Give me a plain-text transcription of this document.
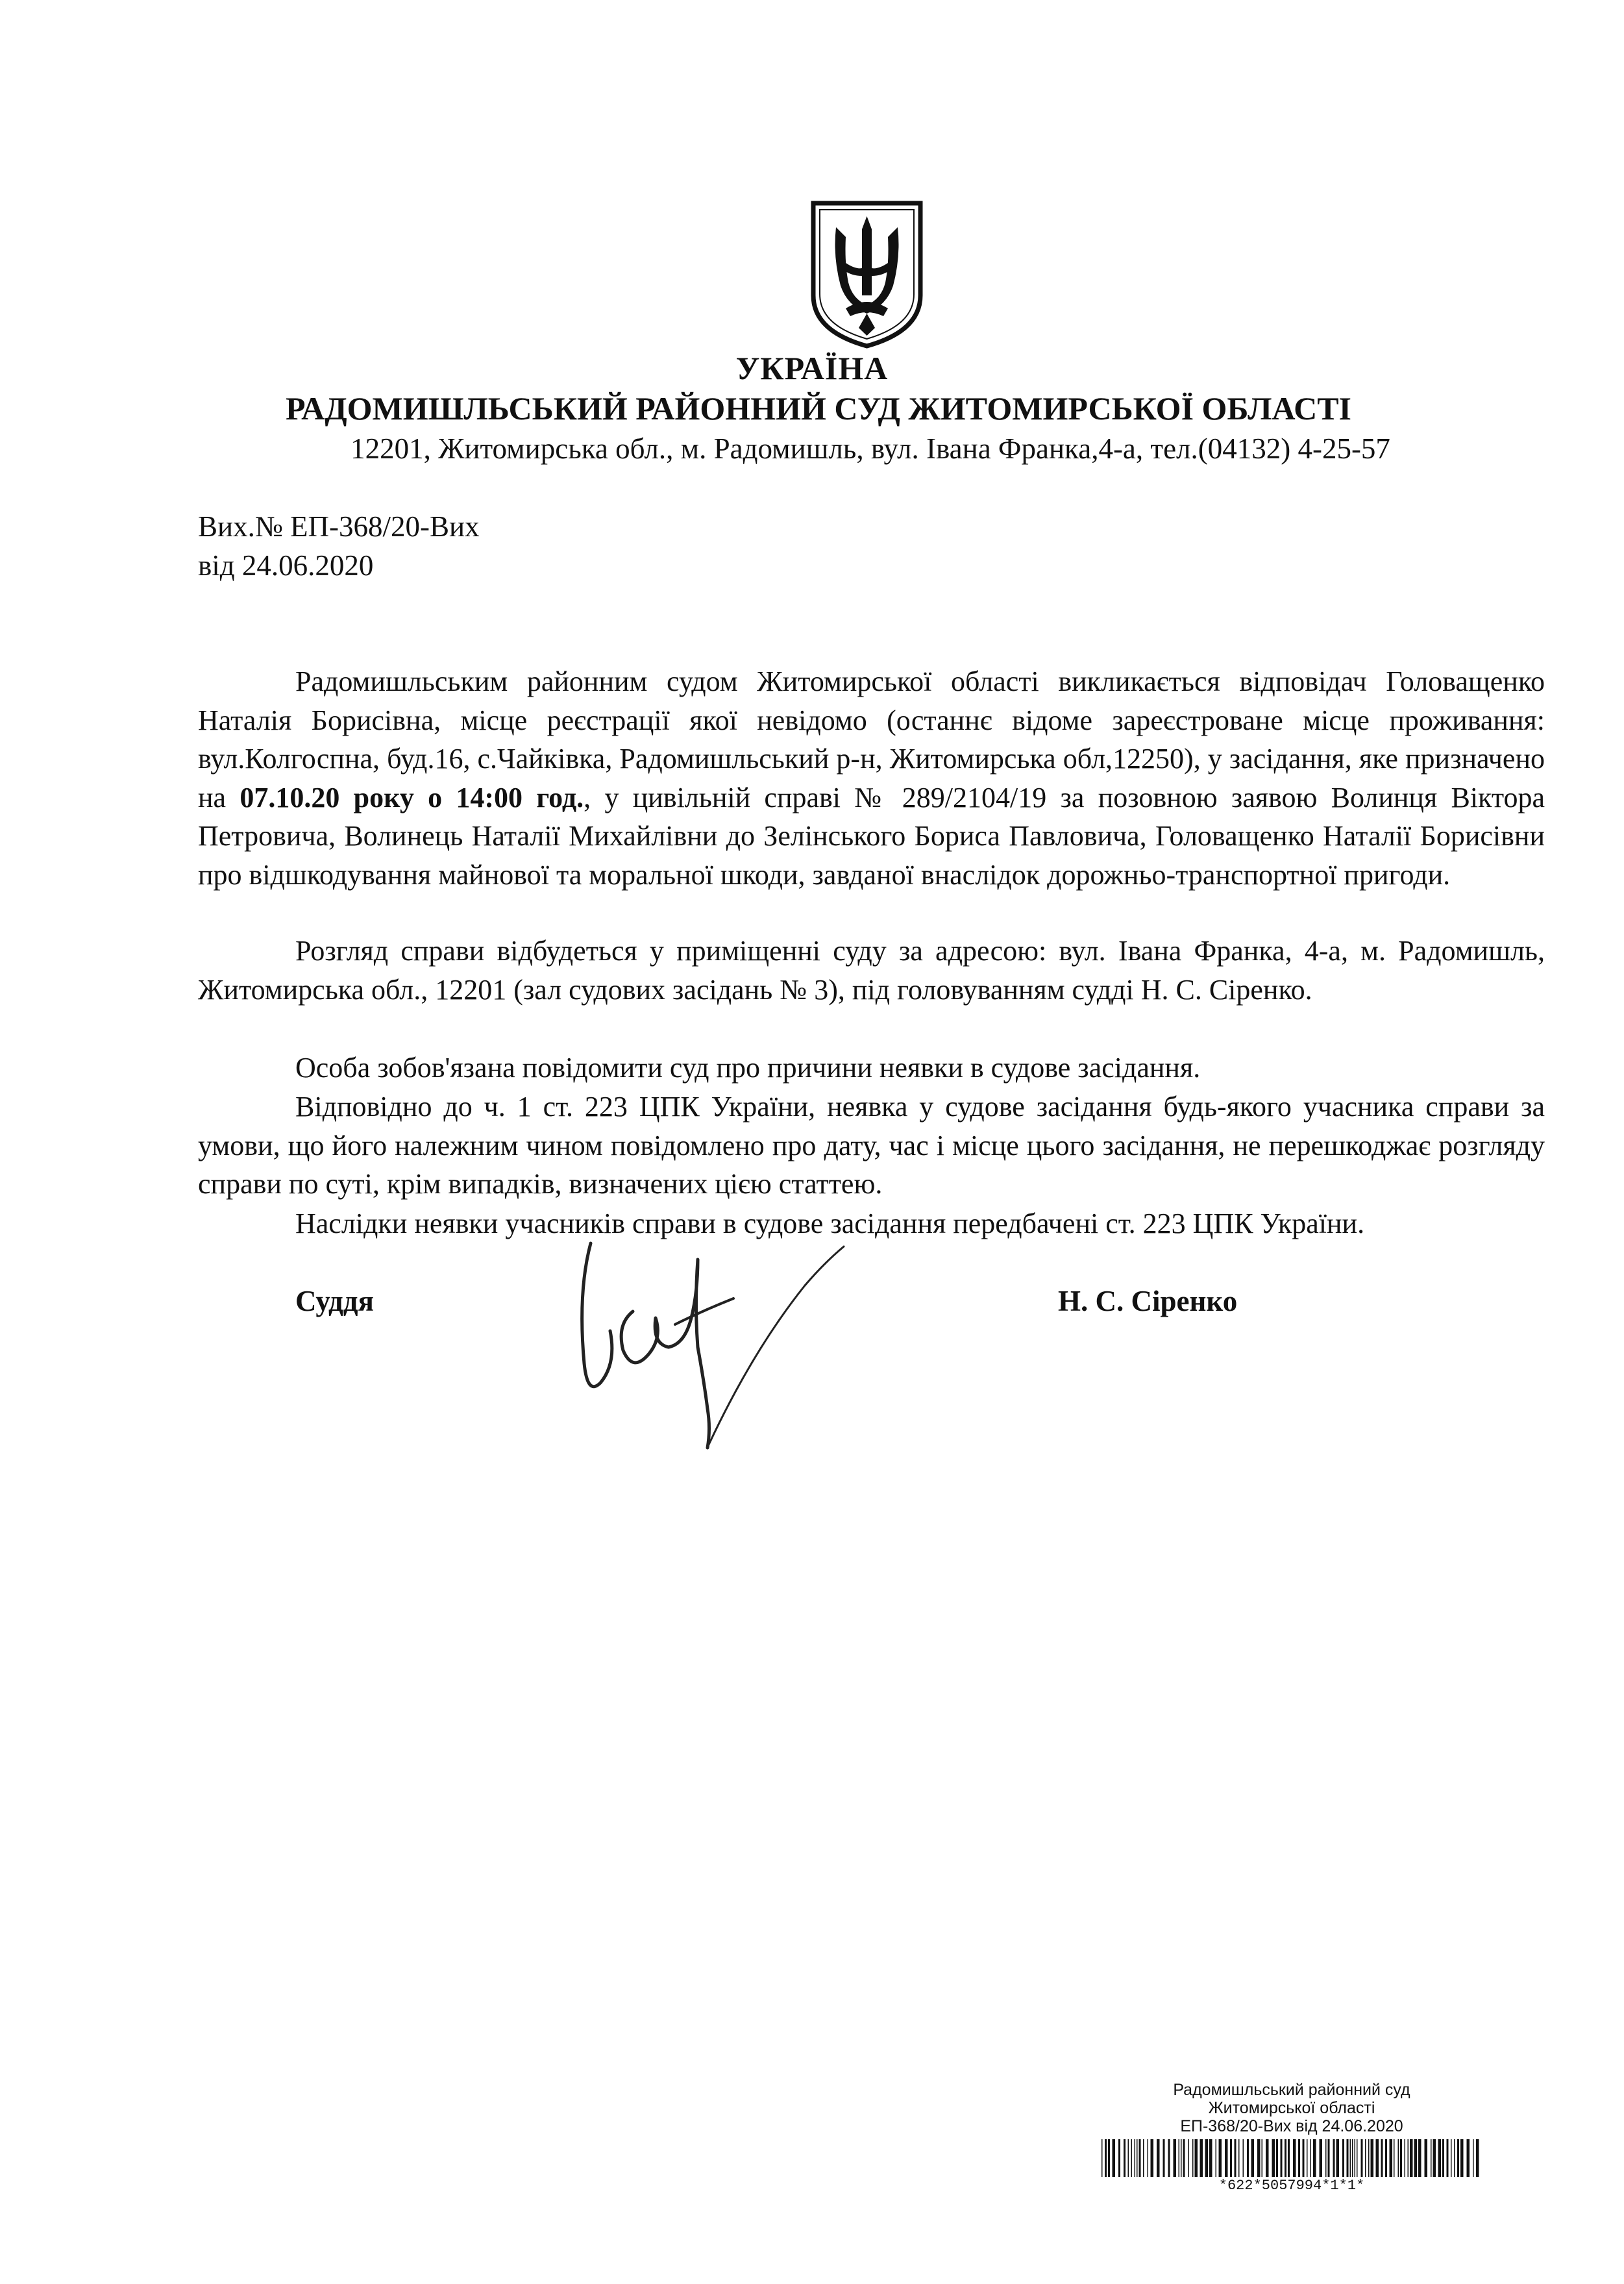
УКРАЇНА
РАДОМИШЛЬСЬКИЙ РАЙОННИЙ СУД ЖИТОМИРСЬКОЇ ОБЛАСТІ
12201, Житомирська обл., м. Радомишль, вул. Івана Франка,4-а, тел.(04132) 4-25-57
Вих.№ ЕП-368/20-Вих
від 24.06.2020

Радомишльським районним судом Житомирської області викликається відповідач Головащенко Наталія Борисівна, місце реєстрації якої невідомо (останнє відоме зареєстроване місце проживання: вул.Колгоспна, буд.16, с.Чайківка, Радомишльський р-н, Житомирська обл,12250), у засідання, яке призначено на 07.10.20 року о 14:00 год., у цивільній справі № 289/2104/19 за позовною заявою Волинця Віктора Петровича, Волинець Наталії Михайлівни до Зелінського Бориса Павловича, Головащенко Наталії Борисівни про відшкодування майнової та моральної шкоди, завданої внаслідок дорожньо-транспортної пригоди.

Розгляд справи відбудеться у приміщенні суду за адресою: вул. Івана Франка, 4-а, м. Радомишль, Житомирська обл., 12201 (зал судових засідань № 3), під головуванням судді Н. С. Сіренко.

Особа зобов'язана повідомити суд про причини неявки в судове засідання.

Відповідно до ч. 1 ст. 223 ЦПК України, неявка у судове засідання будь-якого учасника справи за умови, що його належним чином повідомлено про дату, час і місце цього засідання, не перешкоджає розгляду справи по суті, крім випадків, визначених цією статтею.

Наслідки неявки учасників справи в судове засідання передбачені ст. 223 ЦПК України.

Суддя	Н. С. Сіренко
Радомишльський районний суд
Житомирської області
ЕП-368/20-Вих від 24.06.2020
*622*5057994*1*1*
